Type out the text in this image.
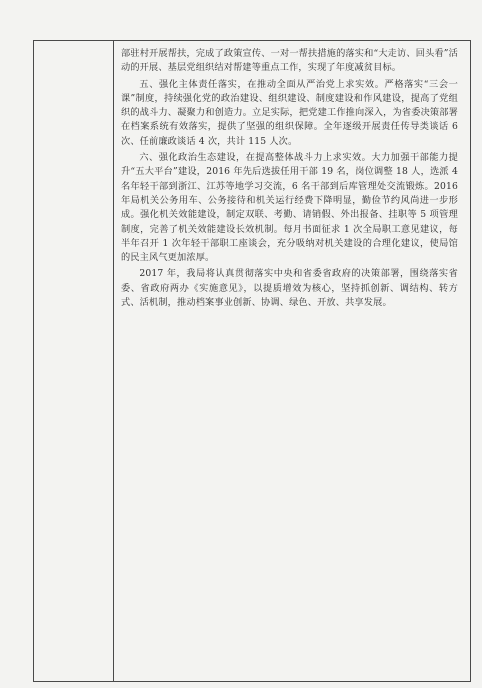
部驻村开展帮扶，完成了政策宣传、一对一帮扶措施的落实和“大走访、回头看”活动的开展、基层党组织结对帮建等重点工作，实现了年度减贫目标。

五、强化主体责任落实，在推动全面从严治党上求实效。严格落实“三会一课”制度，持续强化党的政治建设、组织建设、制度建设和作风建设，提高了党组织的战斗力、凝聚力和创造力。立足实际，把党建工作推向深入，为省委决策部署在档案系统有效落实，提供了坚强的组织保障。全年逐级开展责任传导类谈话 6 次、任前廉政谈话 4 次，共计 115 人次。

六、强化政治生态建设，在提高整体战斗力上求实效。大力加强干部能力提升“五大平台”建设，2016 年先后选拔任用干部 19 名，岗位调整 18 人，选派 4 名年轻干部到浙江、江苏等地学习交流，6 名干部到后库管理处交流锻炼。2016 年局机关公务用车、公务接待和机关运行经费下降明显，勤俭节约风尚进一步形成。强化机关效能建设，制定双联、考勤、请销假、外出报备、挂职等 5 项管理制度，完善了机关效能建设长效机制。每月书面征求 1 次全局职工意见建议，每半年召开 1 次年轻干部职工座谈会，充分吸纳对机关建设的合理化建议，使局馆的民主风气更加浓厚。

2017 年，我局将认真贯彻落实中央和省委省政府的决策部署，围绕落实省委、省政府两办《实施意见》，以提质增效为核心，坚持抓创新、调结构、转方式、活机制，推动档案事业创新、协调、绿色、开放、共享发展。
